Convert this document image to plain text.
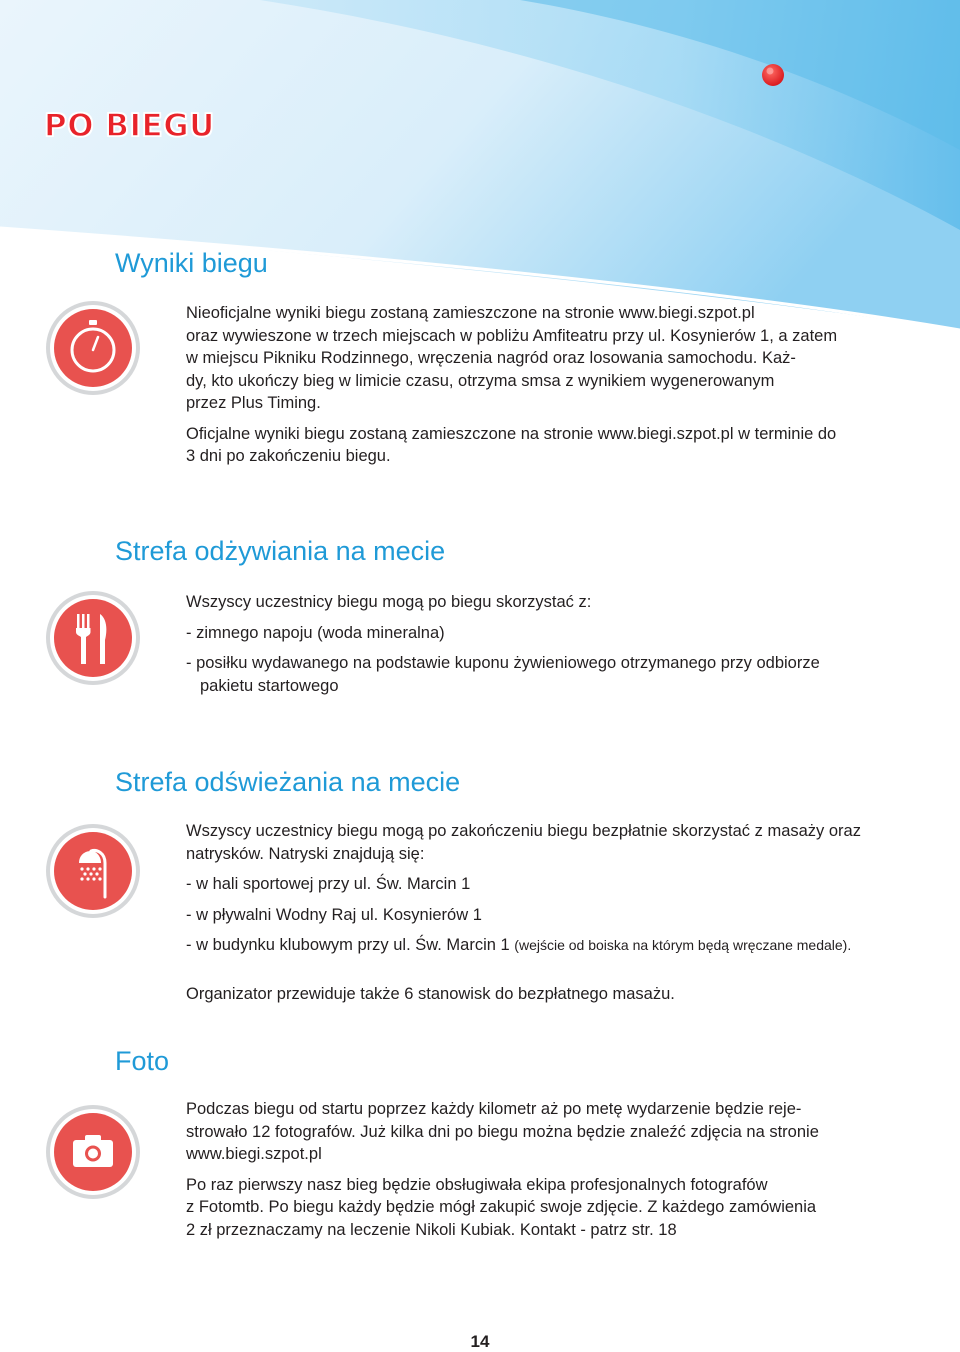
PO BIEGU
Wyniki biegu

Nieoficjalne wyniki biegu zostaną zamieszczone na stronie www.biegi.szpot.pl

oraz wywieszone w trzech miejscach w pobliżu Amfiteatru przy ul. Kosynierów 1, a zatem

w miejscu Pikniku Rodzinnego, wręczenia nagród oraz losowania samochodu. Każ-

dy, kto ukończy bieg w limicie czasu, otrzyma smsa z wynikiem wygenerowanym

przez Plus Timing.

Oficjalne wyniki biegu zostaną zamieszczone na stronie www.biegi.szpot.pl w terminie do

3 dni po zakończeniu biegu.

Strefa odżywiania na mecie

Wszyscy uczestnicy biegu mogą po biegu skorzystać z:

- zimnego napoju (woda mineralna)

- posiłku wydawanego na podstawie kuponu żywieniowego otrzymanego przy odbiorze

pakietu startowego

Strefa odświeżania na mecie

Wszyscy uczestnicy biegu mogą po zakończeniu biegu bezpłatnie skorzystać z masaży oraz

natrysków. Natryski znajdują się:

- w hali sportowej przy ul. Św. Marcin 1

- w pływalni Wodny Raj ul. Kosynierów 1

- w budynku klubowym przy ul. Św. Marcin 1 (wejście od boiska na którym będą wręczane medale).

Organizator przewiduje także 6 stanowisk do bezpłatnego masażu.

Foto

Podczas biegu od startu poprzez każdy kilometr aż po metę wydarzenie będzie reje-

strowało 12 fotografów. Już kilka dni po biegu można będzie znaleźć zdjęcia na stronie

www.biegi.szpot.pl

Po raz pierwszy nasz bieg będzie obsługiwała ekipa profesjonalnych fotografów

z Fotomtb. Po biegu każdy będzie mógł zakupić swoje zdjęcie. Z każdego zamówienia

2 zł przeznaczamy na leczenie Nikoli Kubiak. Kontakt - patrz str. 18

14
